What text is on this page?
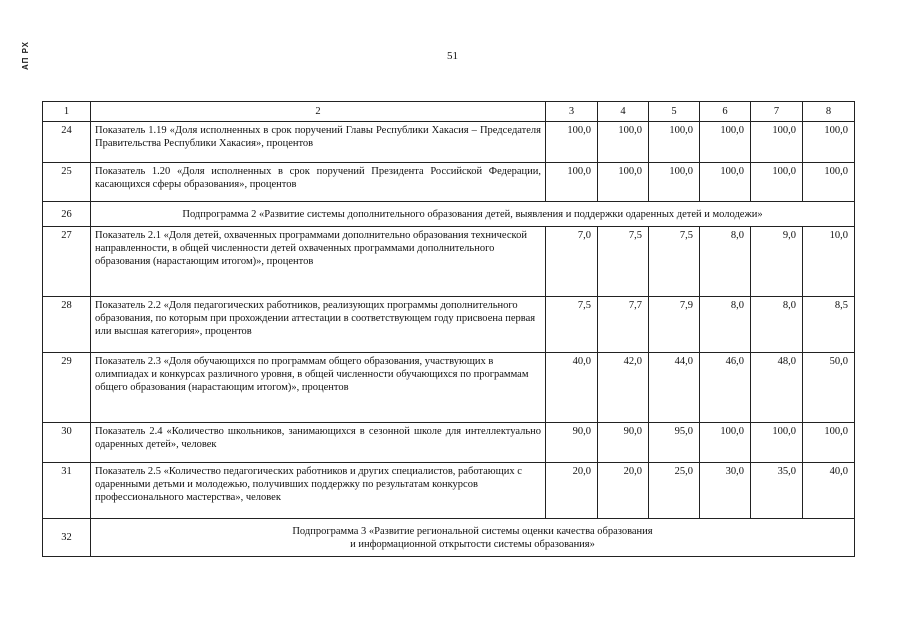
АП РХ	51
1	2	3	4	5	6	7	8
24	Показатель 1.19 «Доля исполненных в срок поручений Главы Республики Хакасия – Председателя Правительства Республики Хакасия», процентов	100,0	100,0	100,0	100,0	100,0	100,0
25	Показатель 1.20 «Доля исполненных в срок поручений Президента Российской Федерации, касающихся сферы образования», процентов	100,0	100,0	100,0	100,0	100,0	100,0
26	Подпрограмма 2 «Развитие системы дополнительного образования детей, выявления и поддержки одаренных детей и молодежи»						
27	Показатель 2.1 «Доля детей, охваченных программами дополнительно образования технической направленности, в общей численности детей охваченных программами дополнительного образования (нарастающим итогом)», процентов	7,0	7,5	7,5	8,0	9,0	10,0
28	Показатель 2.2 «Доля педагогических работников, реализующих программы дополнительного образования, по которым при прохождении аттестации в соответствующем году присвоена первая или высшая категория», процентов	7,5	7,7	7,9	8,0	8,0	8,5
29	Показатель 2.3 «Доля обучающихся по программам общего образования, участвующих в олимпиадах и конкурсах различного уровня, в общей численности обучающихся по программам общего образования (нарастающим итогом)», процентов	40,0	42,0	44,0	46,0	48,0	50,0
30	Показатель 2.4 «Количество школьников, занимающихся в сезонной школе для интеллектуально одаренных детей», человек	90,0	90,0	95,0	100,0	100,0	100,0
31	Показатель 2.5 «Количество педагогических работников и других специалистов, работающих с одаренными детьми и молодежью, получивших поддержку по результатам конкурсов профессионального мастерства», человек	20,0	20,0	25,0	30,0	35,0	40,0
32	Подпрограмма 3 «Развитие региональной системы оценки качества образования
и информационной открытости системы образования»						
